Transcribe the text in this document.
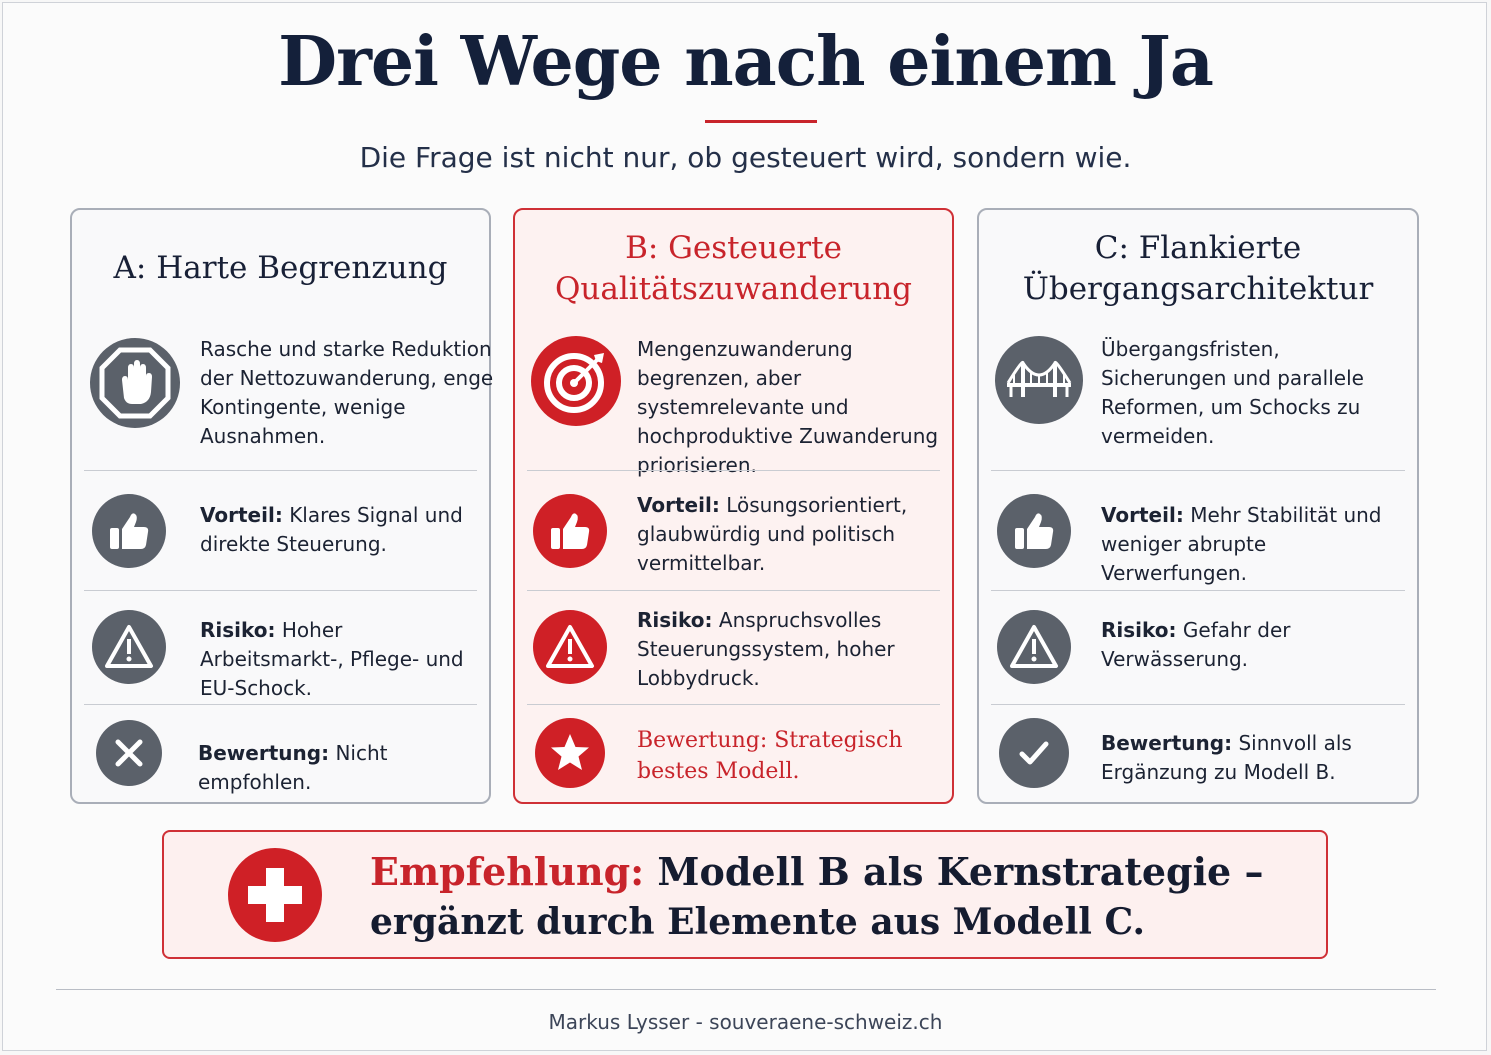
Drei Wege nach einem Ja
Die Frage ist nicht nur, ob gesteuert wird, sondern wie.
A: Harte Begrenzung
Rasche und starke Reduktion der Nettozuwanderung, enge Kontingente, wenige Ausnahmen.
Vorteil: Klares Signal und direkte Steuerung.
Risiko: Hoher Arbeitsmarkt-, Pflege- und EU-Schock.
Bewertung: Nicht empfohlen.
B: Gesteuerte
Qualitätszuwanderung
Mengenzuwanderung begrenzen, aber systemrelevante und hochproduktive Zuwanderung priorisieren.
Vorteil: Lösungsorientiert, glaubwürdig und politisch vermittelbar.
Risiko: Anspruchsvolles Steuerungssystem, hoher Lobbydruck.
Bewertung: Strategisch bestes Modell.
C: Flankierte
Übergangsarchitektur
Übergangsfristen, Sicherungen und parallele Reformen, um Schocks zu vermeiden.
Vorteil: Mehr Stabilität und weniger abrupte Verwerfungen.
Risiko: Gefahr der Verwässerung.
Bewertung: Sinnvoll als Ergänzung zu Modell B.
Empfehlung: Modell B als Kernstrategie –
ergänzt durch Elemente aus Modell C.
Markus Lysser - souveraene-schweiz.ch
